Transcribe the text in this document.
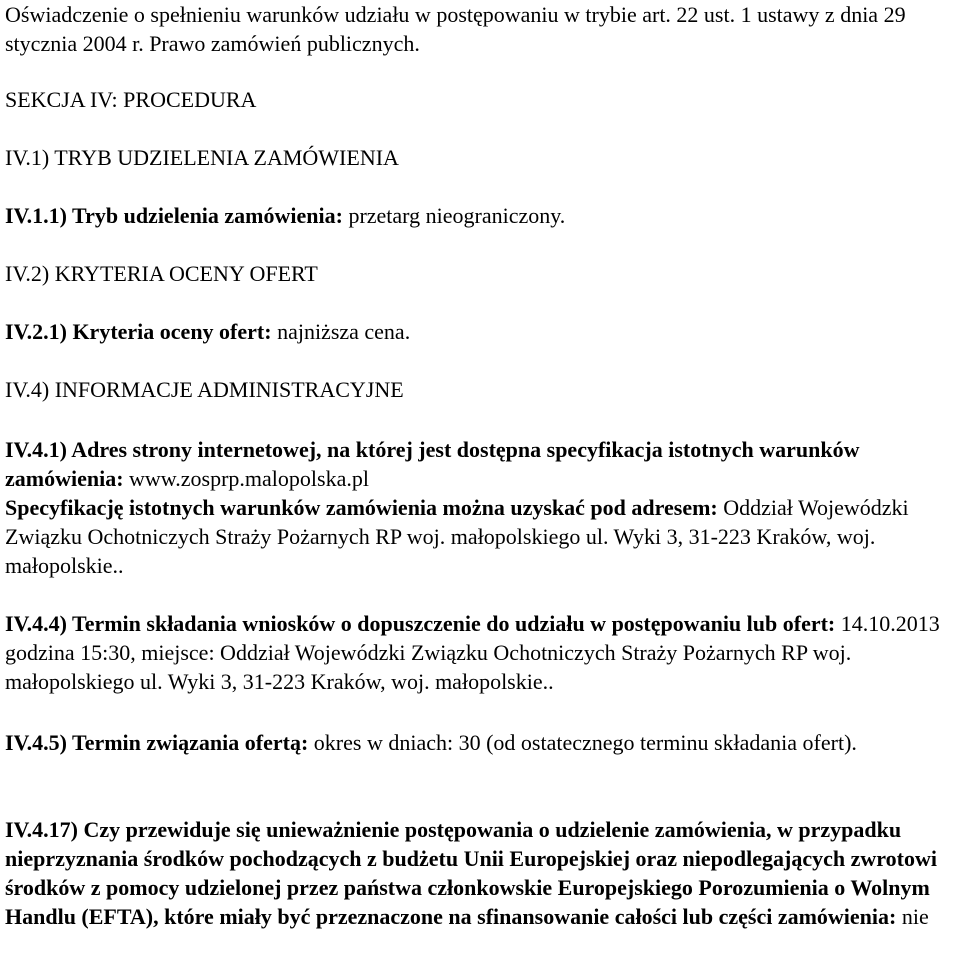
Oświadczenie o spełnieniu warunków udziału w postępowaniu w trybie art. 22 ust. 1 ustawy z dnia 29 stycznia 2004 r. Prawo zamówień publicznych.

SEKCJA IV: PROCEDURA

IV.1) TRYB UDZIELENIA ZAMÓWIENIA

IV.1.1) Tryb udzielenia zamówienia: przetarg nieograniczony.

IV.2) KRYTERIA OCENY OFERT

IV.2.1) Kryteria oceny ofert: najniższa cena.

IV.4) INFORMACJE ADMINISTRACYJNE

IV.4.1) Adres strony internetowej, na której jest dostępna specyfikacja istotnych warunków zamówienia: www.zosprp.malopolska.pl
Specyfikację istotnych warunków zamówienia można uzyskać pod adresem: Oddział Wojewódzki Związku Ochotniczych Straży Pożarnych RP woj. małopolskiego ul. Wyki 3, 31-223 Kraków, woj. małopolskie..

IV.4.4) Termin składania wniosków o dopuszczenie do udziału w postępowaniu lub ofert: 14.10.2013 godzina 15:30, miejsce: Oddział Wojewódzki Związku Ochotniczych Straży Pożarnych RP woj. małopolskiego ul. Wyki 3, 31-223 Kraków, woj. małopolskie..

IV.4.5) Termin związania ofertą: okres w dniach: 30 (od ostatecznego terminu składania ofert).

IV.4.17) Czy przewiduje się unieważnienie postępowania o udzielenie zamówienia, w przypadku nieprzyznania środków pochodzących z budżetu Unii Europejskiej oraz niepodlegających zwrotowi środków z pomocy udzielonej przez państwa członkowskie Europejskiego Porozumienia o Wolnym Handlu (EFTA), które miały być przeznaczone na sfinansowanie całości lub części zamówienia: nie
